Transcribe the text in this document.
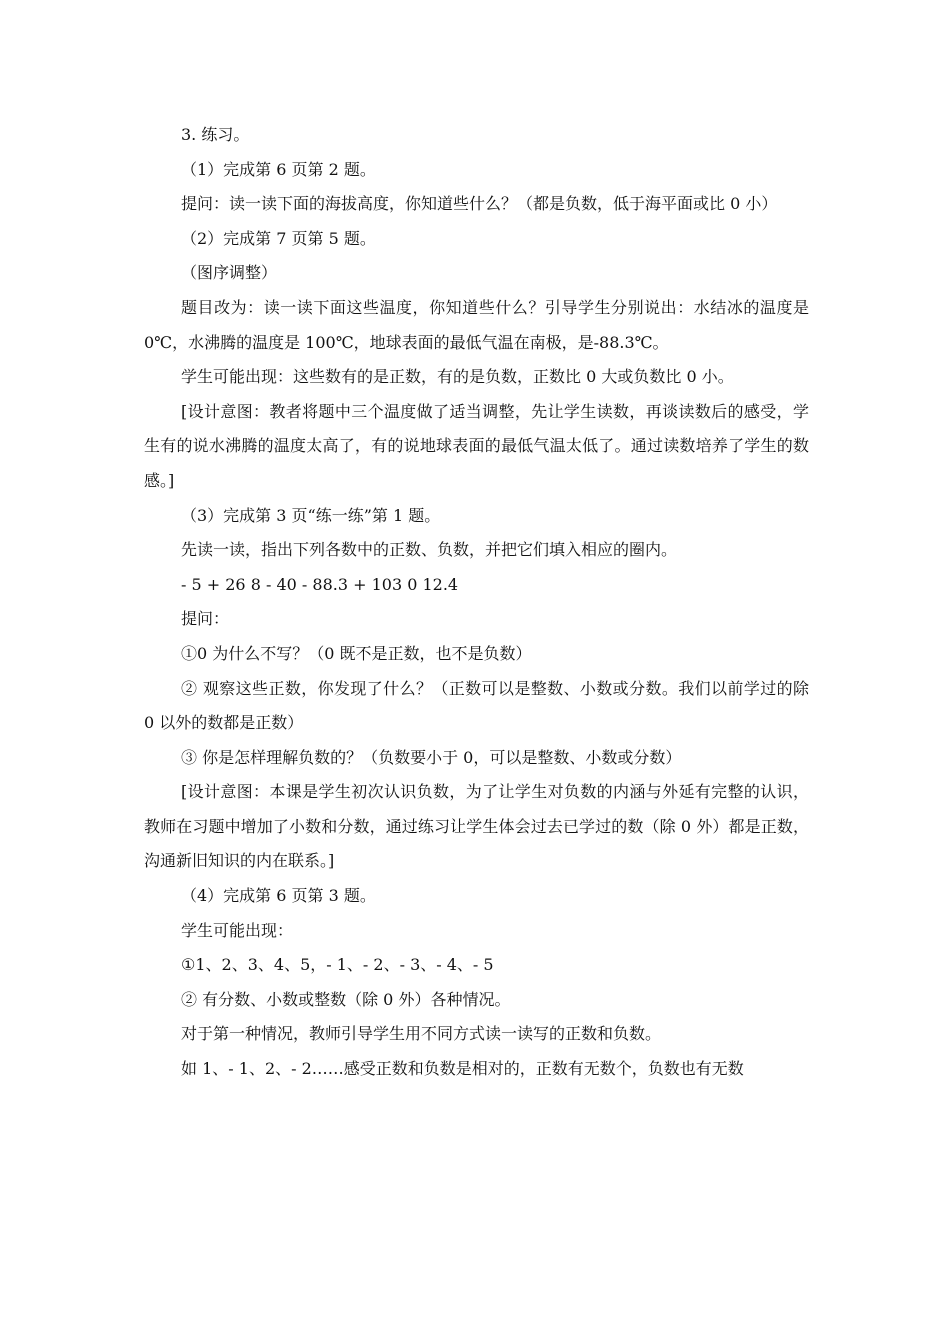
3. 练习。

（1）完成第 6 页第 2 题。

提问：读一读下面的海拔高度，你知道些什么？（都是负数，低于海平面或比 0 小）

（2）完成第 7 页第 5 题。

（图序调整）

题目改为：读一读下面这些温度，你知道些什么？引导学生分别说出：水结冰的温度是 0℃，水沸腾的温度是 100℃，地球表面的最低气温在南极，是-88.3℃。

学生可能出现：这些数有的是正数，有的是负数，正数比 0 大或负数比 0 小。

[设计意图：教者将题中三个温度做了适当调整，先让学生读数，再谈读数后的感受，学生有的说水沸腾的温度太高了，有的说地球表面的最低气温太低了。通过读数培养了学生的数感。]

（3）完成第 3 页“练一练”第 1 题。

先读一读，指出下列各数中的正数、负数，并把它们填入相应的圈内。

- 5 + 26 8 - 40 - 88.3 + 103 0 12.4

提问：

①0 为什么不写？（0 既不是正数，也不是负数）

② 观察这些正数，你发现了什么？（正数可以是整数、小数或分数。我们以前学过的除 0 以外的数都是正数）

③ 你是怎样理解负数的？（负数要小于 0，可以是整数、小数或分数）

[设计意图：本课是学生初次认识负数，为了让学生对负数的内涵与外延有完整的认识，教师在习题中增加了小数和分数，通过练习让学生体会过去已学过的数（除 0 外）都是正数，沟通新旧知识的内在联系。]

（4）完成第 6 页第 3 题。

学生可能出现：

①1、2、3、4、5，- 1、- 2、- 3、- 4、- 5

② 有分数、小数或整数（除 0 外）各种情况。

对于第一种情况，教师引导学生用不同方式读一读写的正数和负数。

如 1、- 1、2、- 2……感受正数和负数是相对的，正数有无数个，负数也有无数
